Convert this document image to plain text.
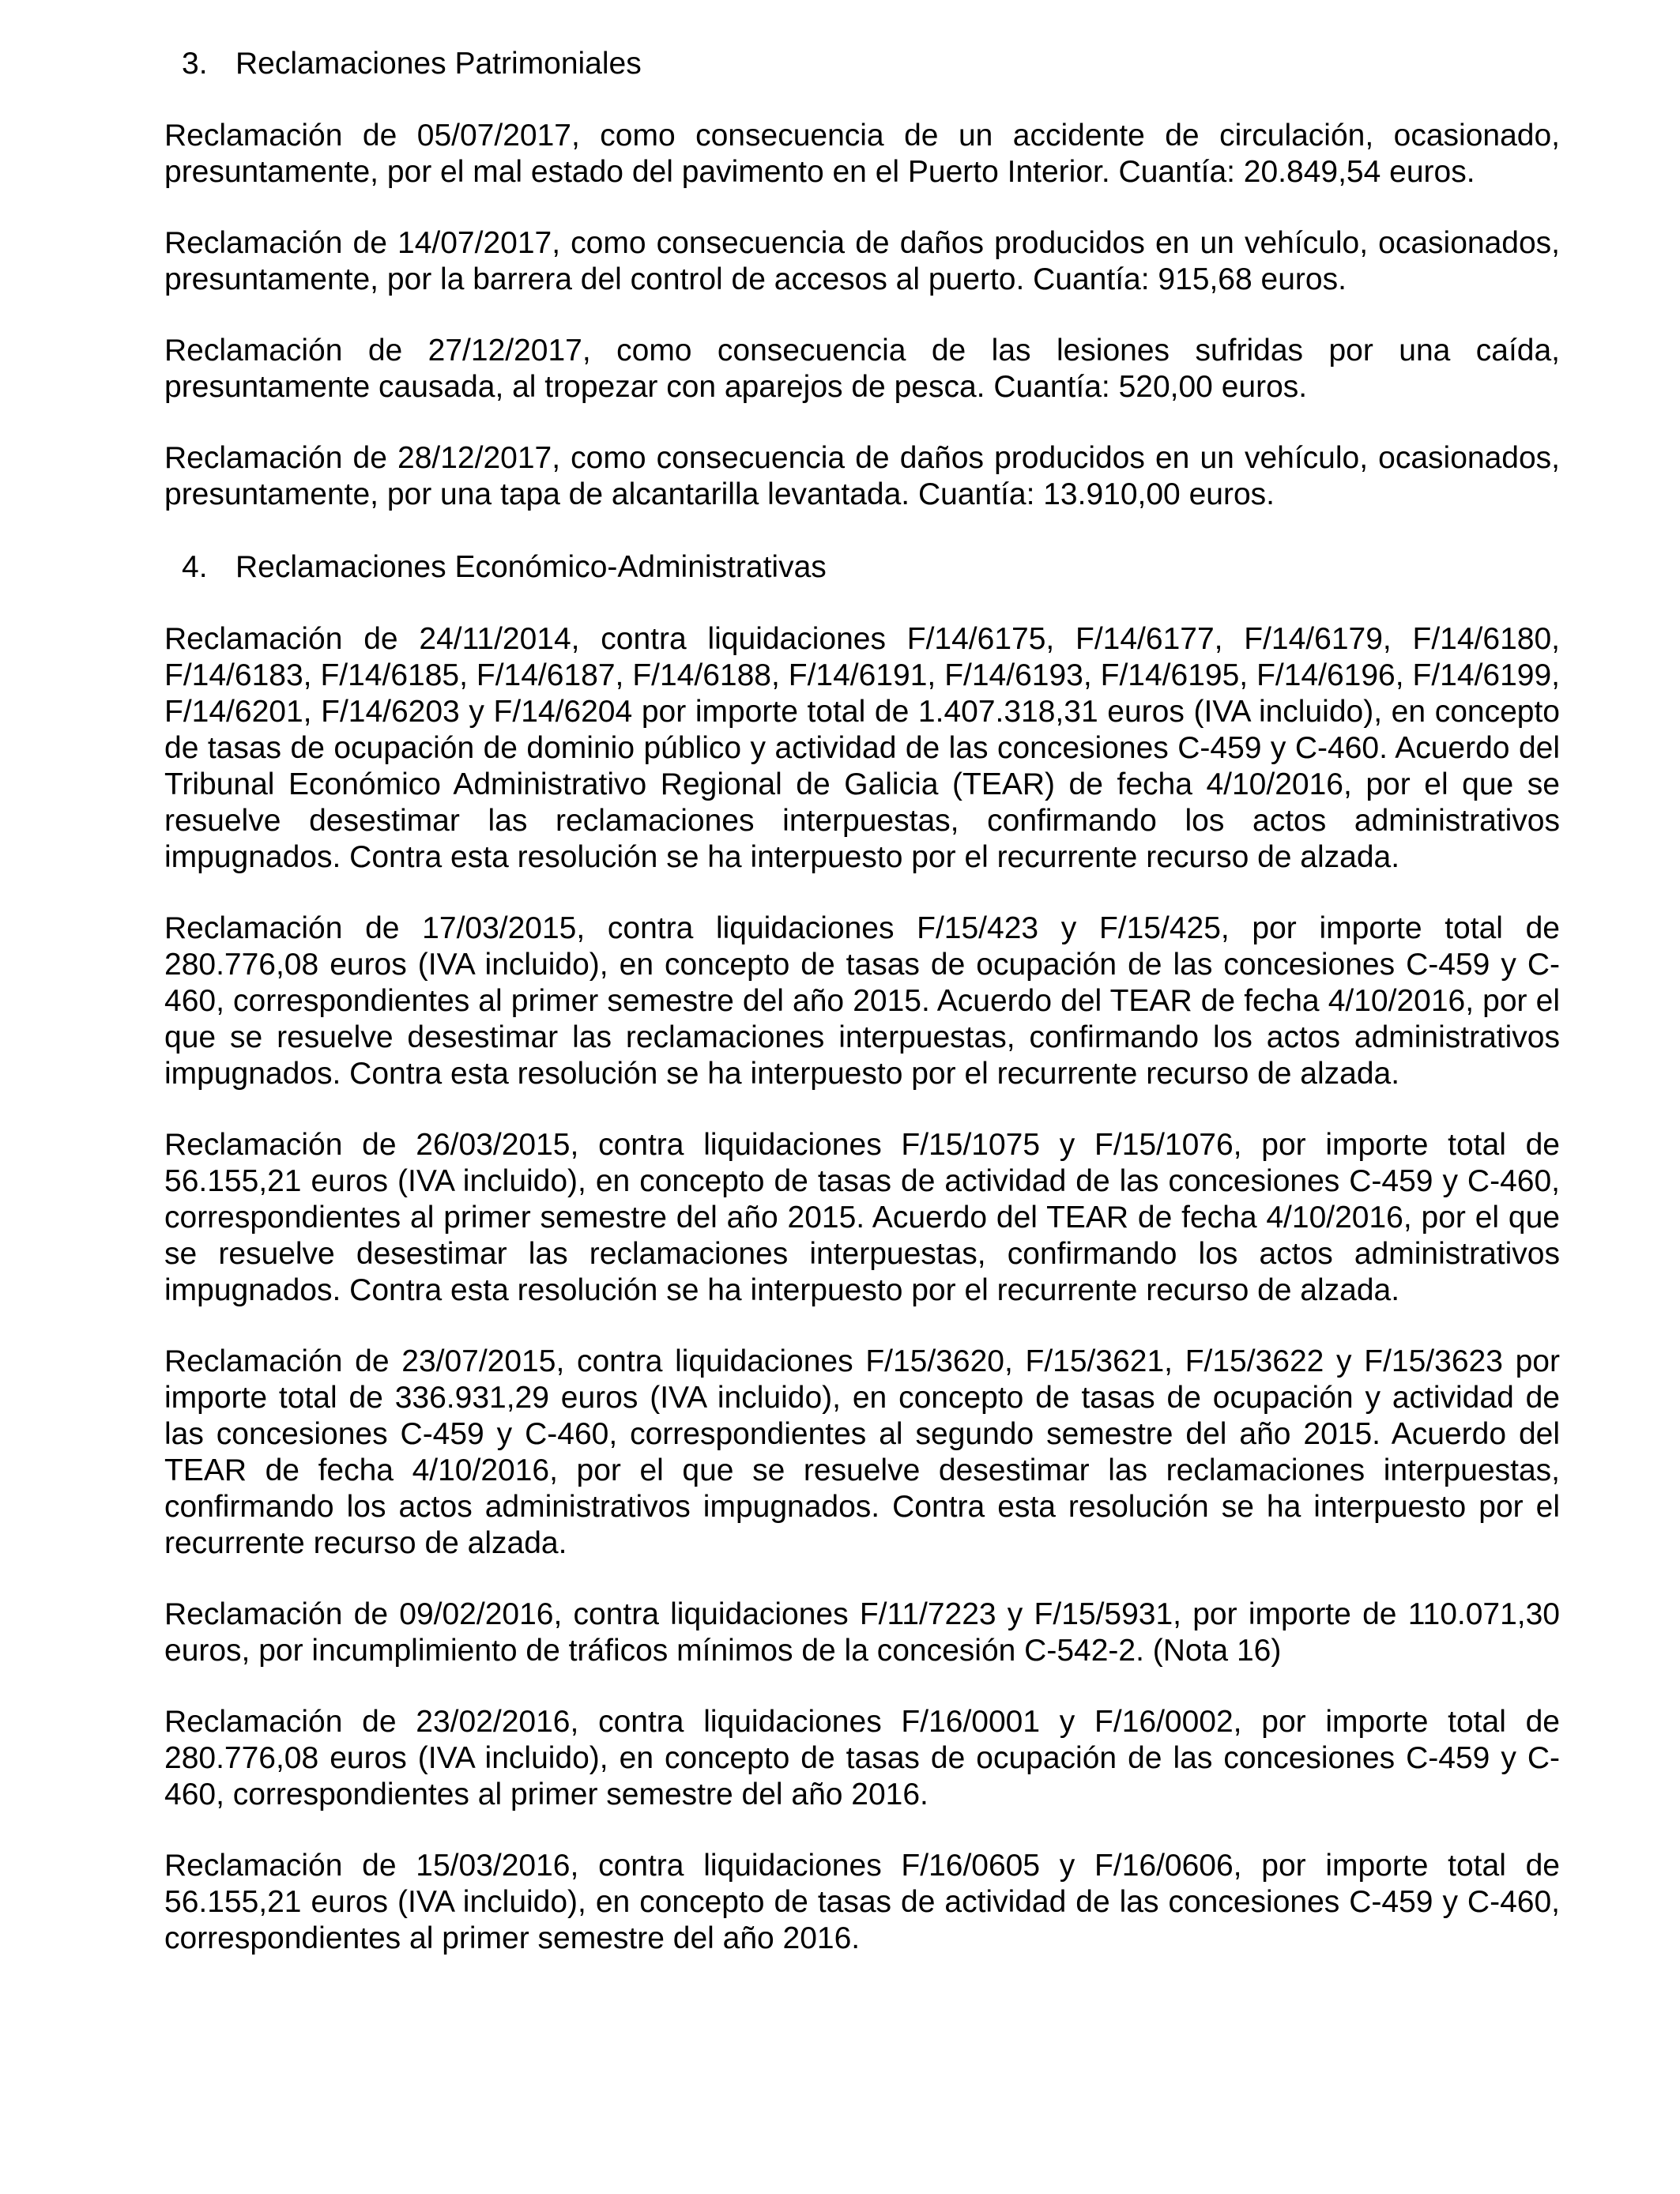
3. Reclamaciones Patrimoniales

Reclamación de 05/07/2017, como consecuencia de un accidente de circulación, ocasionado, presuntamente, por el mal estado del pavimento en el Puerto Interior. Cuantía: 20.849,54 euros.

Reclamación de 14/07/2017, como consecuencia de daños producidos en un vehículo, ocasionados, presuntamente, por la barrera del control de accesos al puerto. Cuantía: 915,68 euros.

Reclamación de 27/12/2017, como consecuencia de las lesiones sufridas por una caída, presuntamente causada, al tropezar con aparejos de pesca. Cuantía: 520,00 euros.

Reclamación de 28/12/2017, como consecuencia de daños producidos en un vehículo, ocasionados, presuntamente, por una tapa de alcantarilla levantada. Cuantía: 13.910,00 euros.

4. Reclamaciones Económico-Administrativas

Reclamación de 24/11/2014, contra liquidaciones F/14/6175, F/14/6177, F/14/6179, F/14/6180, F/14/6183, F/14/6185, F/14/6187, F/14/6188, F/14/6191, F/14/6193, F/14/6195, F/14/6196, F/14/6199, F/14/6201, F/14/6203 y F/14/6204 por importe total de 1.407.318,31 euros (IVA incluido), en concepto de tasas de ocupación de dominio público y actividad de las concesiones C-459 y C-460. Acuerdo del Tribunal Económico Administrativo Regional de Galicia (TEAR) de fecha 4/10/2016, por el que se resuelve desestimar las reclamaciones interpuestas, confirmando los actos administrativos impugnados. Contra esta resolución se ha interpuesto por el recurrente recurso de alzada.

Reclamación de 17/03/2015, contra liquidaciones F/15/423 y F/15/425, por importe total de 280.776,08 euros (IVA incluido), en concepto de tasas de ocupación de las concesiones C-459 y C-460, correspondientes al primer semestre del año 2015. Acuerdo del TEAR de fecha 4/10/2016, por el que se resuelve desestimar las reclamaciones interpuestas, confirmando los actos administrativos impugnados. Contra esta resolución se ha interpuesto por el recurrente recurso de alzada.

Reclamación de 26/03/2015, contra liquidaciones F/15/1075 y F/15/1076, por importe total de 56.155,21 euros (IVA incluido), en concepto de tasas de actividad de las concesiones C-459 y C-460, correspondientes al primer semestre del año 2015. Acuerdo del TEAR de fecha 4/10/2016, por el que se resuelve desestimar las reclamaciones interpuestas, confirmando los actos administrativos impugnados. Contra esta resolución se ha interpuesto por el recurrente recurso de alzada.

Reclamación de 23/07/2015, contra liquidaciones F/15/3620, F/15/3621, F/15/3622 y F/15/3623 por importe total de 336.931,29 euros (IVA incluido), en concepto de tasas de ocupación y actividad de las concesiones C-459 y C-460, correspondientes al segundo semestre del año 2015. Acuerdo del TEAR de fecha 4/10/2016, por el que se resuelve desestimar las reclamaciones interpuestas, confirmando los actos administrativos impugnados. Contra esta resolución se ha interpuesto por el recurrente recurso de alzada.

Reclamación de 09/02/2016, contra liquidaciones F/11/7223 y F/15/5931, por importe de 110.071,30 euros, por incumplimiento de tráficos mínimos de la concesión C-542-2. (Nota 16)

Reclamación de 23/02/2016, contra liquidaciones F/16/0001 y F/16/0002, por importe total de 280.776,08 euros (IVA incluido), en concepto de tasas de ocupación de las concesiones C-459 y C-460, correspondientes al primer semestre del año 2016.

Reclamación de 15/03/2016, contra liquidaciones F/16/0605 y F/16/0606, por importe total de 56.155,21 euros (IVA incluido), en concepto de tasas de actividad de las concesiones C-459 y C-460, correspondientes al primer semestre del año 2016.
